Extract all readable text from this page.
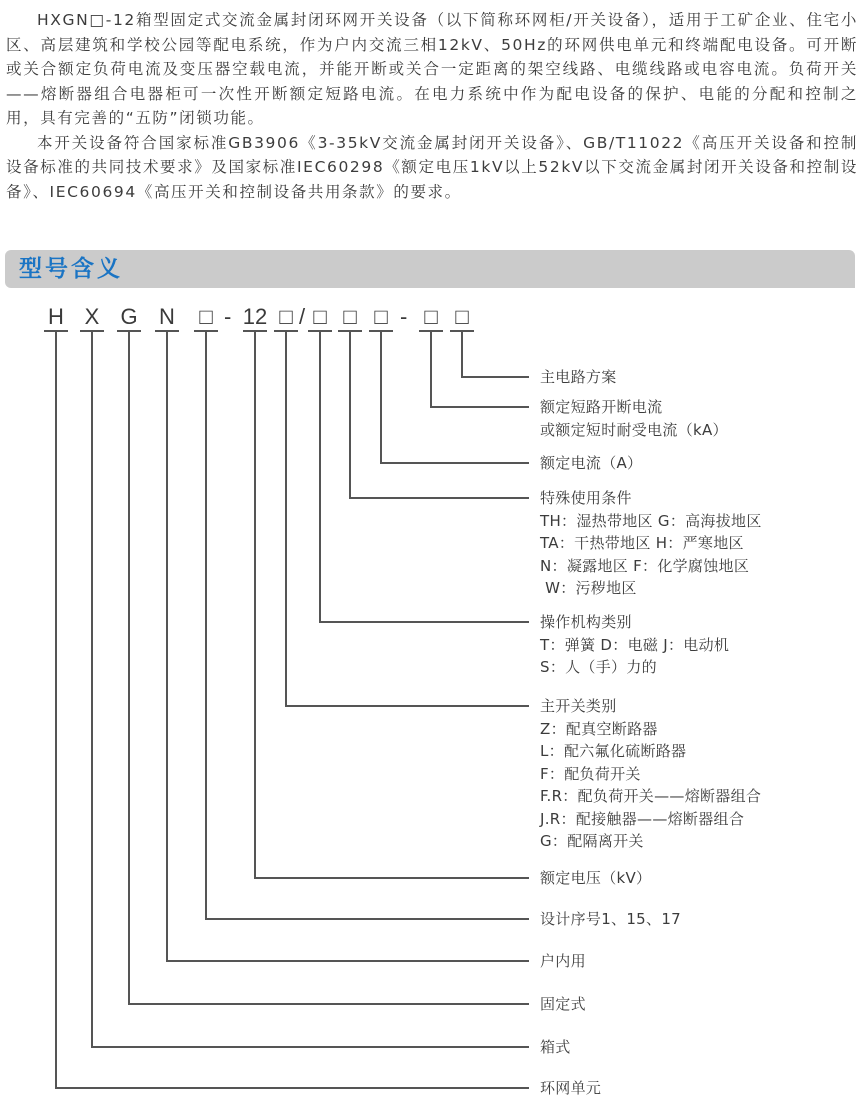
HXGN□-12箱型固定式交流金属封闭环网开关设备（以下简称环网柜/开关设备），适用于工矿企业、住宅小区、高层建筑和学校公园等配电系统，作为户内交流三相12kV、50Hz的环网供电单元和终端配电设备。可开断或关合额定负荷电流及变压器空载电流，并能开断或关合一定距离的架空线路、电缆线路或电容电流。负荷开关——熔断器组合电器柜可一次性开断额定短路电流。在电力系统中作为配电设备的保护、电能的分配和控制之用，具有完善的“五防”闭锁功能。

本开关设备符合国家标准GB3906《3-35kV交流金属封闭开关设备》、GB/T11022《高压开关设备和控制设备标准的共同技术要求》及国家标准IEC60298《额定电压1kV以上52kV以下交流金属封闭开关设备和控制设备》、IEC60694《高压开关和控制设备共用条款》的要求。

型号含义
H X G N	□ - 12 □ / □ □ □ - □ □
主电路方案
额定短路开断电流
或额定短时耐受电流（kA）
额定电流（A）
特殊使用条件
TH：湿热带地区 G：高海拔地区
TA：干热带地区 H：严寒地区
N：凝露地区 F：化学腐蚀地区
W：污秽地区
操作机构类别
T：弹簧 D：电磁 J：电动机
S：人（手）力的
主开关类别
Z：配真空断路器
L：配六氟化硫断路器
F：配负荷开关
F.R：配负荷开关——熔断器组合
J.R：配接触器——熔断器组合
G：配隔离开关
额定电压（kV）
设计序号1、15、17
户内用
固定式
箱式
环网单元
